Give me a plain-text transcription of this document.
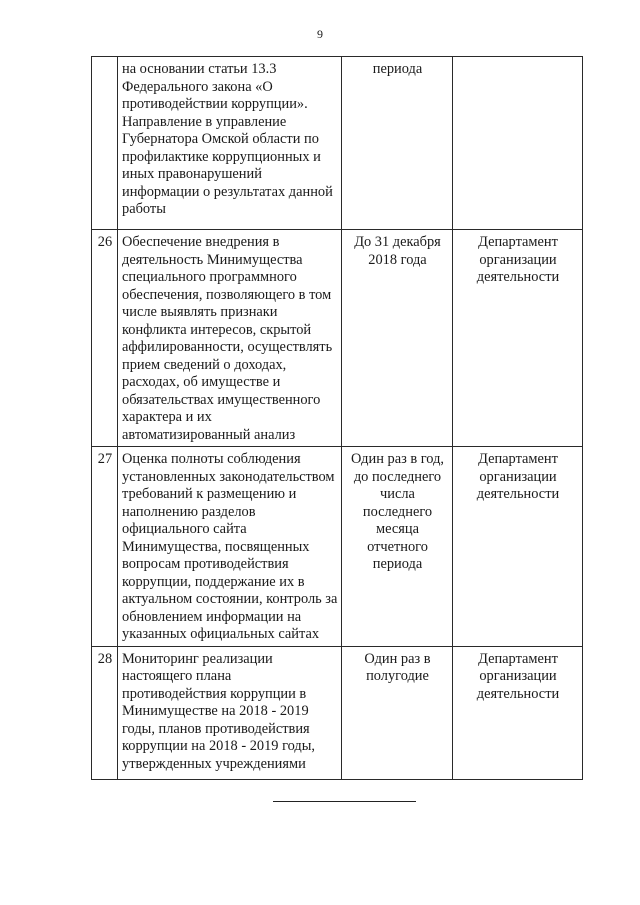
9
	на основании статьи 13.3 Федерального закона «О противодействии коррупции». Направление в управление Губернатора Омской области по профилактике коррупционных и иных правонарушений информации о результатах данной работы	периода	
26	Обеспечение внедрения в деятельность Минимущества специального программного обеспечения, позволяющего в том числе выявлять признаки конфликта интересов, скрытой аффилированности, осуществлять прием сведений о доходах, расходах, об имуществе и обязательствах имущественного характера и их автоматизированный анализ	До 31 декабря 2018 года	Департамент организации деятельности
27	Оценка полноты соблюдения установленных законодательством требований к размещению и наполнению разделов официального сайта Минимущества, посвященных вопросам противодействия коррупции, поддержание их в актуальном состоянии, контроль за обновлением информации на указанных официальных сайтах	Один раз в год, до последнего числа последнего месяца отчетного периода	Департамент организации деятельности
28	Мониторинг реализации настоящего плана противодействия коррупции в Минимуществе на 2018 - 2019 годы, планов противодействия коррупции на 2018 - 2019 годы, утвержденных учреждениями	Один раз в полугодие	Департамент организации деятельности
